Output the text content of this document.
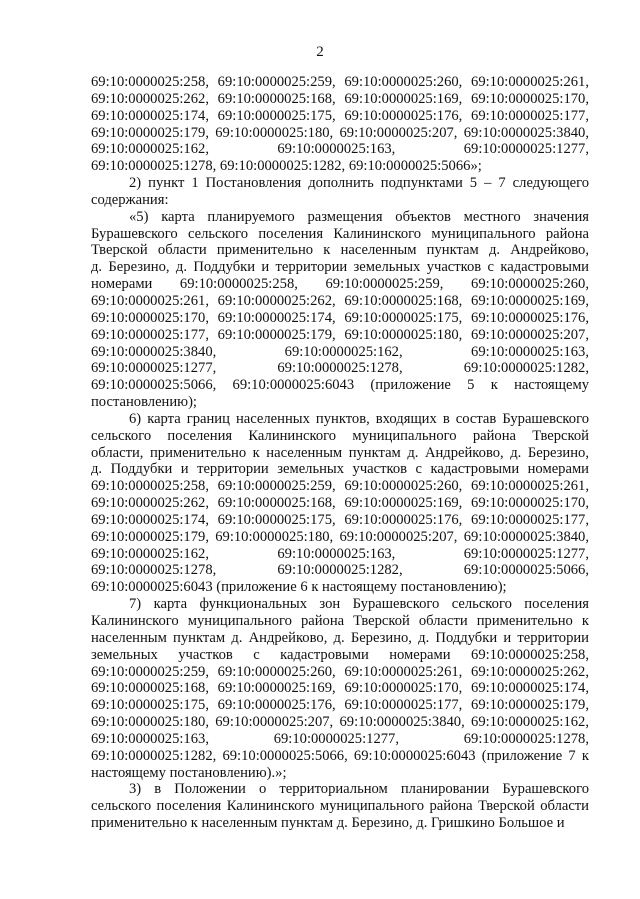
2
69:10:0000025:258, 69:10:0000025:259, 69:10:0000025:260, 69:10:0000025:261,
69:10:0000025:262, 69:10:0000025:168, 69:10:0000025:169, 69:10:0000025:170,
69:10:0000025:174, 69:10:0000025:175, 69:10:0000025:176, 69:10:0000025:177,
69:10:0000025:179, 69:10:0000025:180, 69:10:0000025:207, 69:10:0000025:3840,
69:10:0000025:162, 69:10:0000025:163, 69:10:0000025:1277,
69:10:0000025:1278, 69:10:0000025:1282, 69:10:0000025:5066»;
2) пункт 1 Постановления дополнить подпунктами 5 – 7 следующего
содержания:
«5) карта планируемого размещения объектов местного значения
Бурашевского сельского поселения Калининского муниципального района
Тверской области применительно к населенным пунктам д. Андрейково,
д. Березино, д. Поддубки и территории земельных участков с кадастровыми
номерами 69:10:0000025:258, 69:10:0000025:259, 69:10:0000025:260,
69:10:0000025:261, 69:10:0000025:262, 69:10:0000025:168, 69:10:0000025:169,
69:10:0000025:170, 69:10:0000025:174, 69:10:0000025:175, 69:10:0000025:176,
69:10:0000025:177, 69:10:0000025:179, 69:10:0000025:180, 69:10:0000025:207,
69:10:0000025:3840, 69:10:0000025:162, 69:10:0000025:163,
69:10:0000025:1277, 69:10:0000025:1278, 69:10:0000025:1282,
69:10:0000025:5066, 69:10:0000025:6043 (приложение 5 к настоящему
постановлению);
6) карта границ населенных пунктов, входящих в состав Бурашевского
сельского поселения Калининского муниципального района Тверской
области, применительно к населенным пунктам д. Андрейково, д. Березино,
д. Поддубки и территории земельных участков с кадастровыми номерами
69:10:0000025:258, 69:10:0000025:259, 69:10:0000025:260, 69:10:0000025:261,
69:10:0000025:262, 69:10:0000025:168, 69:10:0000025:169, 69:10:0000025:170,
69:10:0000025:174, 69:10:0000025:175, 69:10:0000025:176, 69:10:0000025:177,
69:10:0000025:179, 69:10:0000025:180, 69:10:0000025:207, 69:10:0000025:3840,
69:10:0000025:162, 69:10:0000025:163, 69:10:0000025:1277,
69:10:0000025:1278, 69:10:0000025:1282, 69:10:0000025:5066,
69:10:0000025:6043 (приложение 6 к настоящему постановлению);
7) карта функциональных зон Бурашевского сельского поселения
Калининского муниципального района Тверской области применительно к
населенным пунктам д. Андрейково, д. Березино, д. Поддубки и территории
земельных участков с кадастровыми номерами 69:10:0000025:258,
69:10:0000025:259, 69:10:0000025:260, 69:10:0000025:261, 69:10:0000025:262,
69:10:0000025:168, 69:10:0000025:169, 69:10:0000025:170, 69:10:0000025:174,
69:10:0000025:175, 69:10:0000025:176, 69:10:0000025:177, 69:10:0000025:179,
69:10:0000025:180, 69:10:0000025:207, 69:10:0000025:3840, 69:10:0000025:162,
69:10:0000025:163, 69:10:0000025:1277, 69:10:0000025:1278,
69:10:0000025:1282, 69:10:0000025:5066, 69:10:0000025:6043 (приложение 7 к
настоящему постановлению).»;
3) в Положении о территориальном планировании Бурашевского
сельского поселения Калининского муниципального района Тверской области
применительно к населенным пунктам д. Березино, д. Гришкино Большое и
